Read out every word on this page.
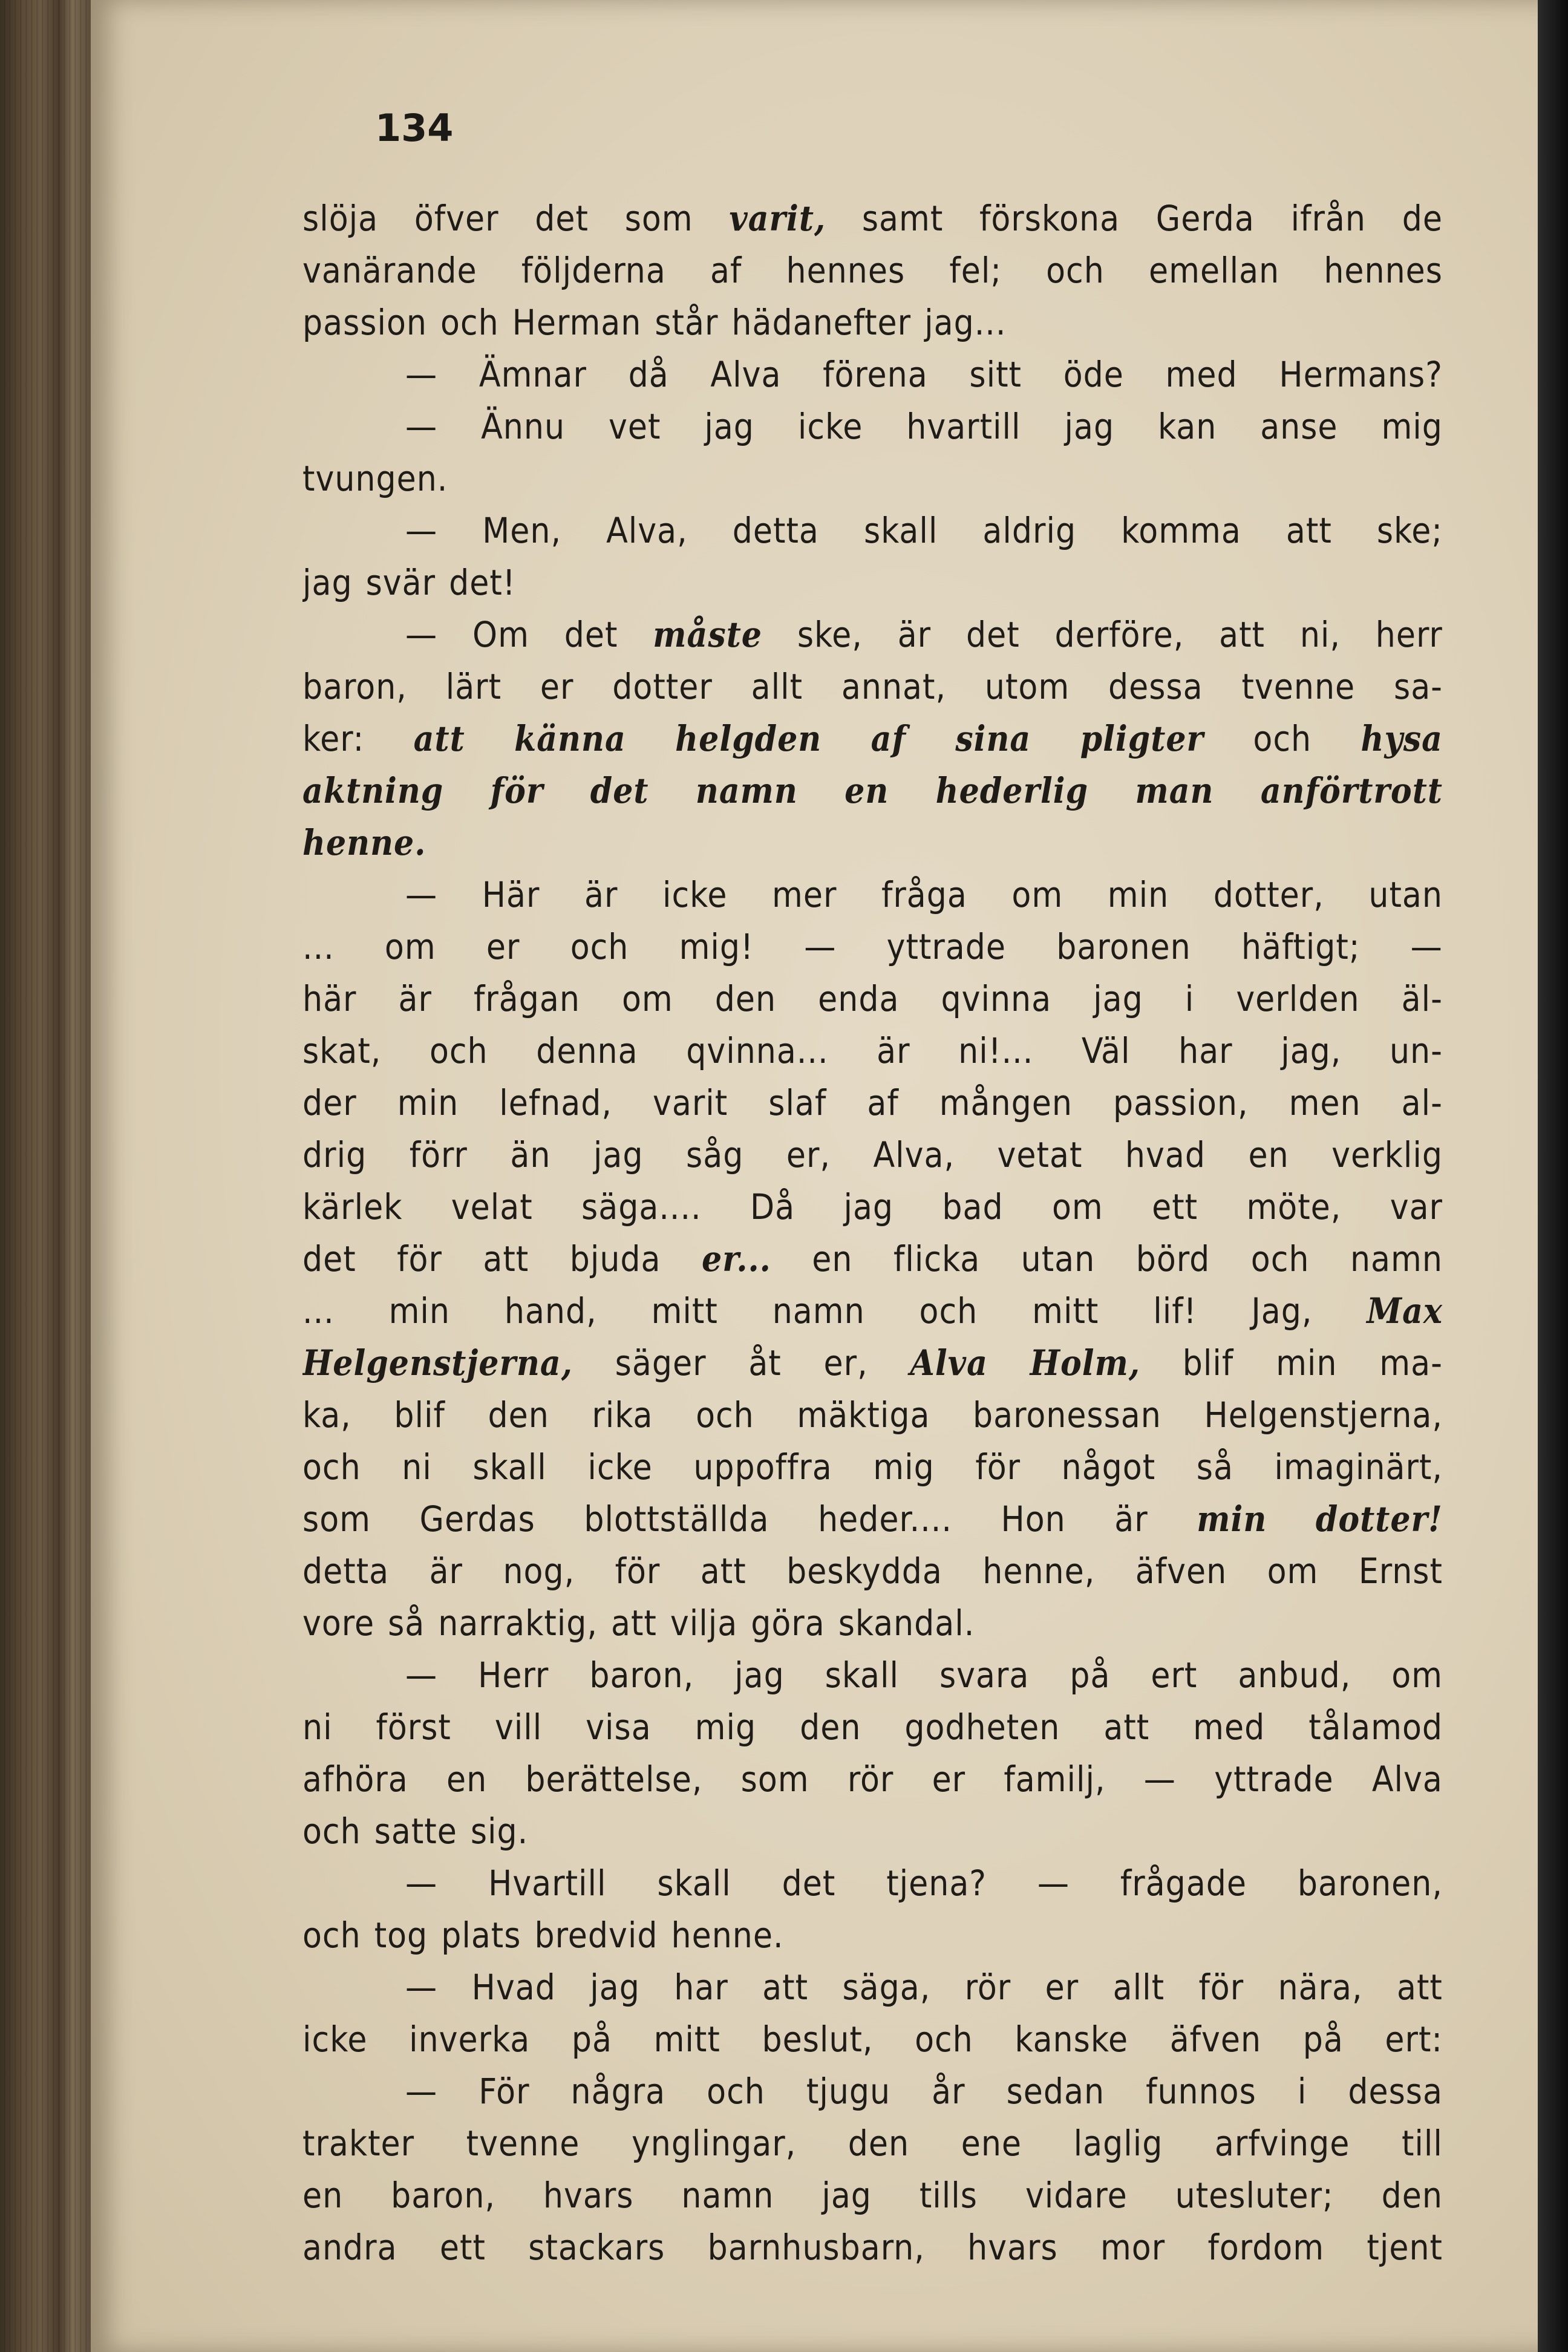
134
slöja öfver det som varit, samt förskona Gerda ifrån de
vanärande följderna af hennes fel; och emellan hennes
passion och Herman står hädanefter jag...
— Ämnar då Alva förena sitt öde med Hermans?
— Ännu vet jag icke hvartill jag kan anse mig
tvungen.
— Men, Alva, detta skall aldrig komma att ske;
jag svär det!
— Om det måste ske, är det derföre, att ni, herr
baron, lärt er dotter allt annat, utom dessa tvenne sa-
ker: att känna helgden af sina pligter och hysa
aktning för det namn en hederlig man anförtrott
henne.
— Här är icke mer fråga om min dotter, utan
... om er och mig! — yttrade baronen häftigt; —
här är frågan om den enda qvinna jag i verlden äl-
skat, och denna qvinna... är ni!... Väl har jag, un-
der min lefnad, varit slaf af mången passion, men al-
drig förr än jag såg er, Alva, vetat hvad en verklig
kärlek velat säga.... Då jag bad om ett möte, var
det för att bjuda er... en flicka utan börd och namn
... min hand, mitt namn och mitt lif! Jag, Max
Helgenstjerna, säger åt er, Alva Holm, blif min ma-
ka, blif den rika och mäktiga baronessan Helgenstjerna,
och ni skall icke uppoffra mig för något så imaginärt,
som Gerdas blottställda heder.... Hon är min dotter!
detta är nog, för att beskydda henne, äfven om Ernst
vore så narraktig, att vilja göra skandal.
— Herr baron, jag skall svara på ert anbud, om
ni först vill visa mig den godheten att med tålamod
afhöra en berättelse, som rör er familj, — yttrade Alva
och satte sig.
— Hvartill skall det tjena? — frågade baronen,
och tog plats bredvid henne.
— Hvad jag har att säga, rör er allt för nära, att
icke inverka på mitt beslut, och kanske äfven på ert:
— För några och tjugu år sedan funnos i dessa
trakter tvenne ynglingar, den ene laglig arfvinge till
en baron, hvars namn jag tills vidare utesluter; den
andra ett stackars barnhusbarn, hvars mor fordom tjent
